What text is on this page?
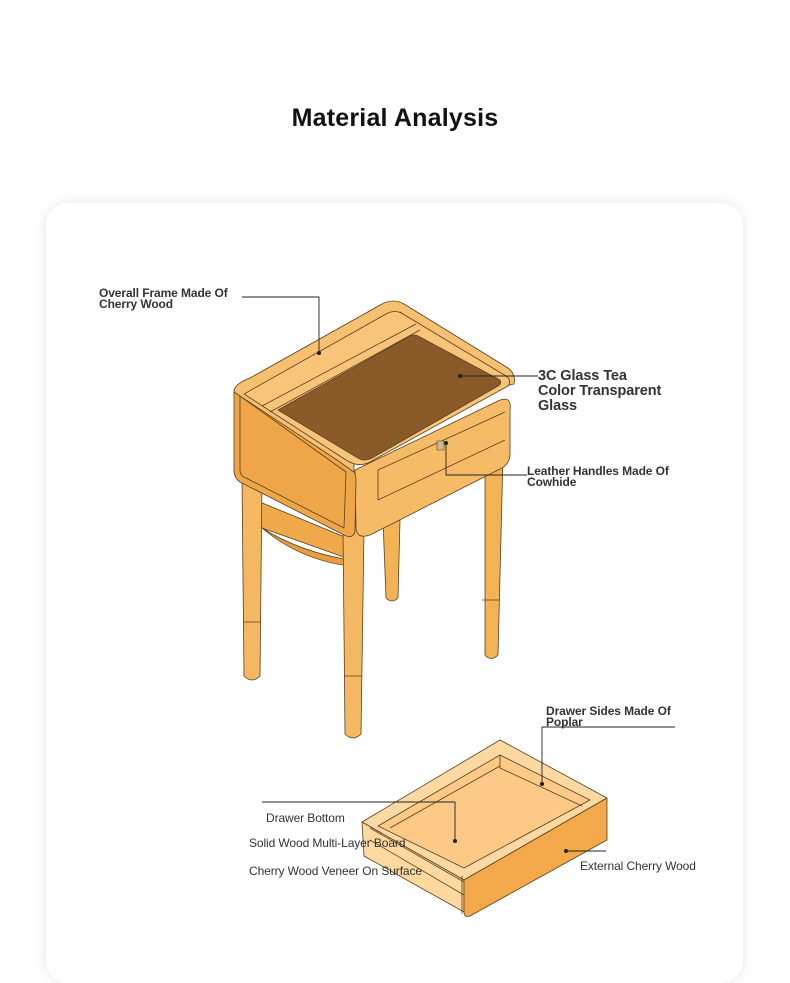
Material Analysis
Overall Frame Made Of Cherry Wood
3C Glass Tea Color Transparent Glass
Leather Handles Made Of Cowhide
Drawer Sides Made Of Poplar
Drawer Bottom
Solid Wood Multi-Layer Board
Cherry Wood Veneer On Surface	External Cherry Wood
